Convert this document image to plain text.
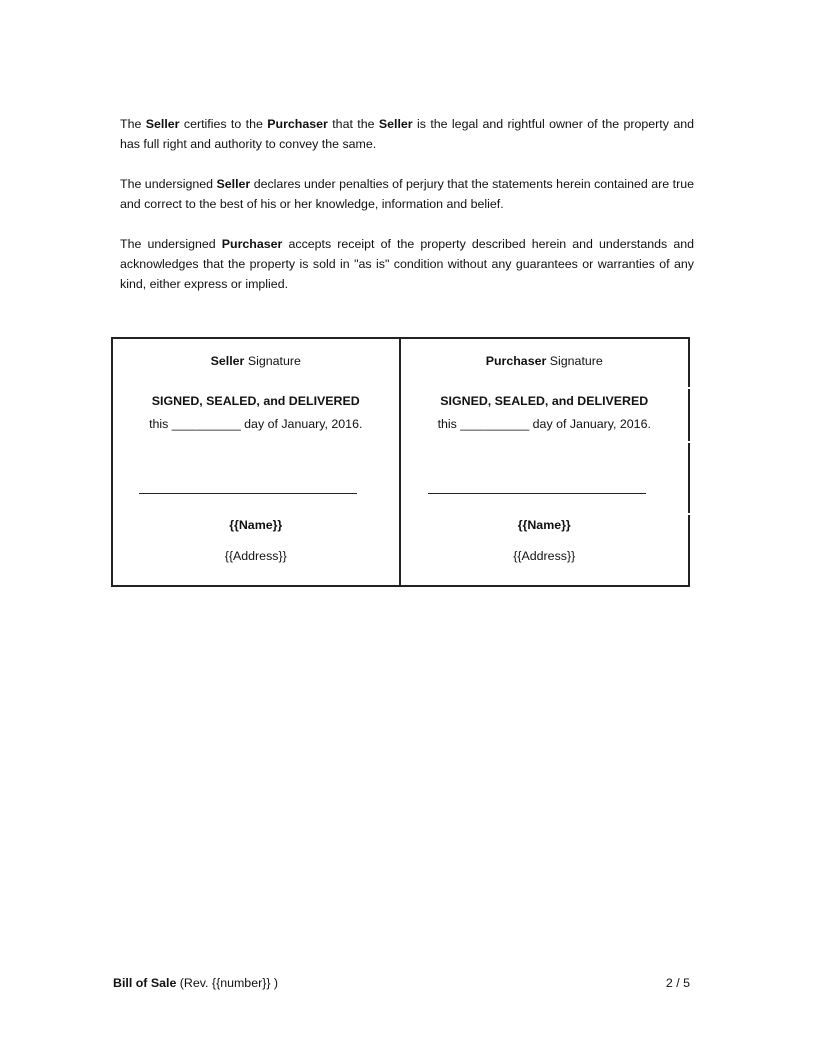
The Seller certifies to the Purchaser that the Seller is the legal and rightful owner of the property and has full right and authority to convey the same.

The undersigned Seller declares under penalties of perjury that the statements herein contained are true and correct to the best of his or her knowledge, information and belief.

The undersigned Purchaser accepts receipt of the property described herein and understands and acknowledges that the property is sold in "as is" condition without any guarantees or warranties of any kind, either express or implied.

Seller Signature
SIGNED, SEALED, and DELIVERED
this __________ day of January, 2016.
{{Name}}
{{Address}}
Purchaser Signature
SIGNED, SEALED, and DELIVERED
this __________ day of January, 2016.
{{Name}}
{{Address}}
Bill of Sale (Rev. {{number}} )	2 / 5
